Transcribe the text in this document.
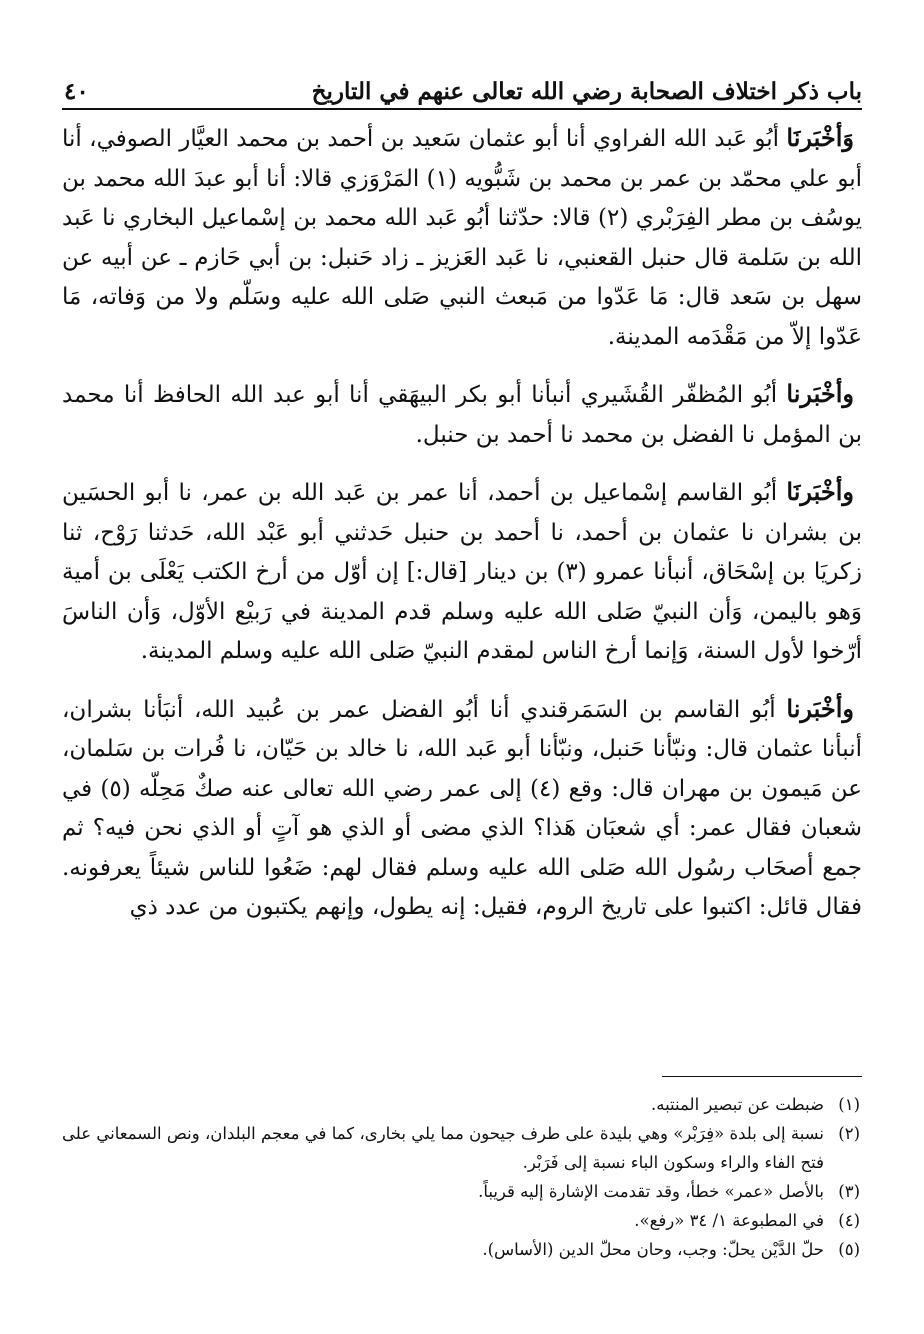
باب ذكر اختلاف الصحابة رضي الله تعالى عنهم في التاريخ
٤٠

وَأخْبَرنَا أبُو عَبد الله الفراوي أنا أبو عثمان سَعيد بن أحمد بن محمد العيَّار الصوفي، أنا أبو علي محمّد بن عمر بن محمد بن شَبُّويه (١) المَرْوَزي قالا: أنا أبو عبدَ الله محمد بن يوسُف بن مطر الفِرَبْري (٢) قالا: حدّثنا أبُو عَبد الله محمد بن إسْماعيل البخاري نا عَبد الله بن سَلمة قال حنبل القعنبي، نا عَبد العَزيز ـ زاد حَنبل: بن أبي حَازم ـ عن أبيه عن سهل بن سَعد قال: مَا عَدّوا من مَبعث النبي صَلى الله عليه وسَلّم ولا من وَفاته، مَا عَدّوا إلاّ من مَقْدَمه المدينة.

وأخْبَرنا أبُو المُظفّر القُشَيري أنبأنا أبو بكر البيهَقي أنا أبو عبد الله الحافظ أنا محمد بن المؤمل نا الفضل بن محمد نا أحمد بن حنبل.

وأخْبَرنَا أبُو القاسم إسْماعيل بن أحمد، أنا عمر بن عَبد الله بن عمر، نا أبو الحسَين بن بشران نا عثمان بن أحمد، نا أحمد بن حنبل حَدثني أبو عَبْد الله، حَدثنا رَوْح، ثنا زكريَا بن إسْحَاق، أنبأنا عمرو (٣) بن دينار [قال:] إن أوّل من أرخ الكتب يَعْلَى بن أمية وَهو باليمن، وَأن النبيّ صَلى الله عليه وسلم قدم المدينة في رَبيْع الأوّل، وَأن الناسَ أرّخوا لأول السنة، وَإنما أرخ الناس لمقدم النبيّ صَلى الله عليه وسلم المدينة.

وأخْبَرنا أبُو القاسم بن السَمَرقندي أنا أبُو الفضل عمر بن عُبيد الله، أنبَأنا بشران، أنبأنا عثمان قال: ونبّأنا حَنبل، ونبّأنا أبو عَبد الله، نا خالد بن حَيّان، نا فُرات بن سَلمان، عن مَيمون بن مهران قال: وقع (٤) إلى عمر رضي الله تعالى عنه صكٌ مَحِلّه (٥) في شعبان فقال عمر: أي شعبَان هَذا؟ الذي مضى أو الذي هو آتٍ أو الذي نحن فيه؟ ثم جمع أصحَاب رسُول الله صَلى الله عليه وسلم فقال لهم: ضَعُوا للناس شيئاً يعرفونه. فقال قائل: اكتبوا على تاريخ الروم، فقيل: إنه يطول، وإنهم يكتبون من عدد ذي

(١)
ضبطت عن تبصير المنتبه.
(٢)
نسبة إلى بلدة «فِرَبْر» وهي بليدة على طرف جيحون مما يلي بخارى، كما في معجم البلدان، ونص السمعاني على فتح الفاء والراء وسكون الباء نسبة إلى فَرَبْر.
(٣)
بالأصل «عمر» خطأ، وقد تقدمت الإشارة إليه قريباً.
(٤)
في المطبوعة ١/ ٣٤ «رفع».
(٥)
حلّ الدَّيْن يحلّ: وجب، وحان محلّ الدين (الأساس).
